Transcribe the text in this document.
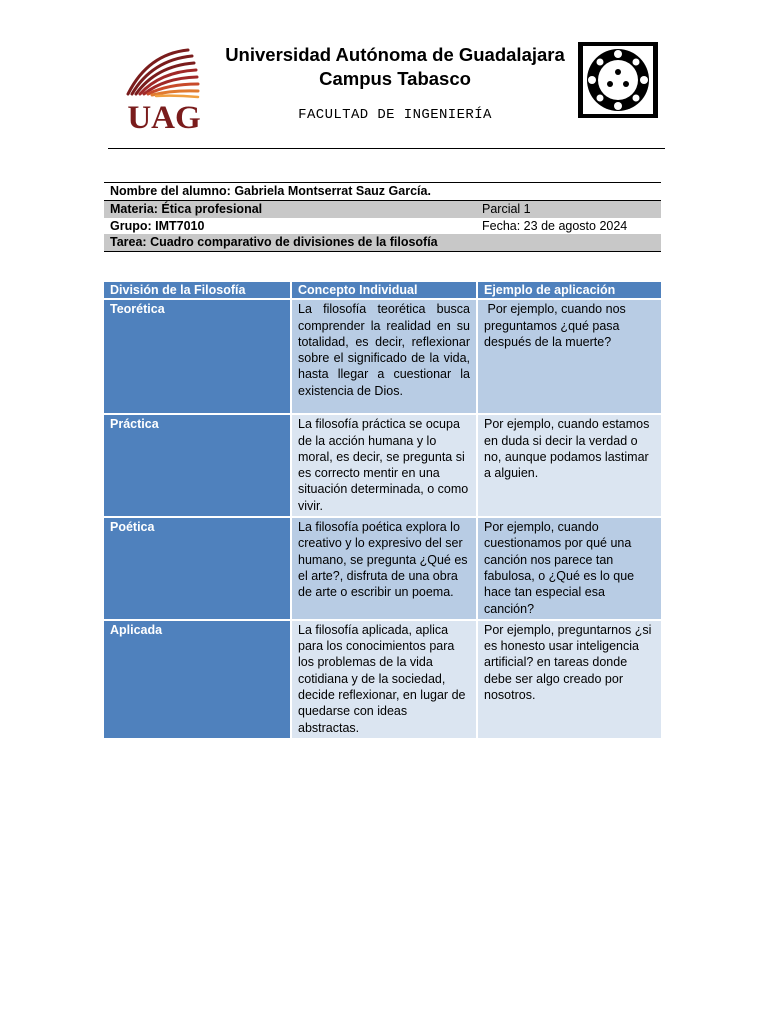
UAG
Universidad Autónoma de Guadalajara
Campus Tabasco
FACULTAD DE INGENIERÍA
Nombre del alumno: Gabriela Montserrat Sauz García.
Materia: Ética profesional	Parcial 1
Grupo: IMT7010	Fecha: 23 de agosto 2024
Tarea: Cuadro comparativo de divisiones de la filosofía
División de la Filosofía	Concepto Individual	Ejemplo de aplicación
Teorética	La filosofía teorética busca comprender la realidad en su totalidad, es decir, reflexionar sobre el significado de la vida, hasta llegar a cuestionar la existencia de Dios.	Por ejemplo, cuando nos preguntamos ¿qué pasa después de la muerte?
Práctica	La filosofía práctica se ocupa de la acción humana y lo moral, es decir, se pregunta si es correcto mentir en una situación determinada, o como vivir.	Por ejemplo, cuando estamos en duda si decir la verdad o no, aunque podamos lastimar a alguien.
Poética	La filosofía poética explora lo creativo y lo expresivo del ser humano, se pregunta ¿Qué es el arte?, disfruta de una obra de arte o escribir un poema.	Por ejemplo, cuando cuestionamos por qué una canción nos parece tan fabulosa, o ¿Qué es lo que hace tan especial esa canción?
Aplicada	La filosofía aplicada, aplica para los conocimientos para los problemas de la vida cotidiana y de la sociedad, decide reflexionar, en lugar de quedarse con ideas abstractas.	Por ejemplo, preguntarnos ¿si es honesto usar inteligencia artificial? en tareas donde debe ser algo creado por nosotros.
